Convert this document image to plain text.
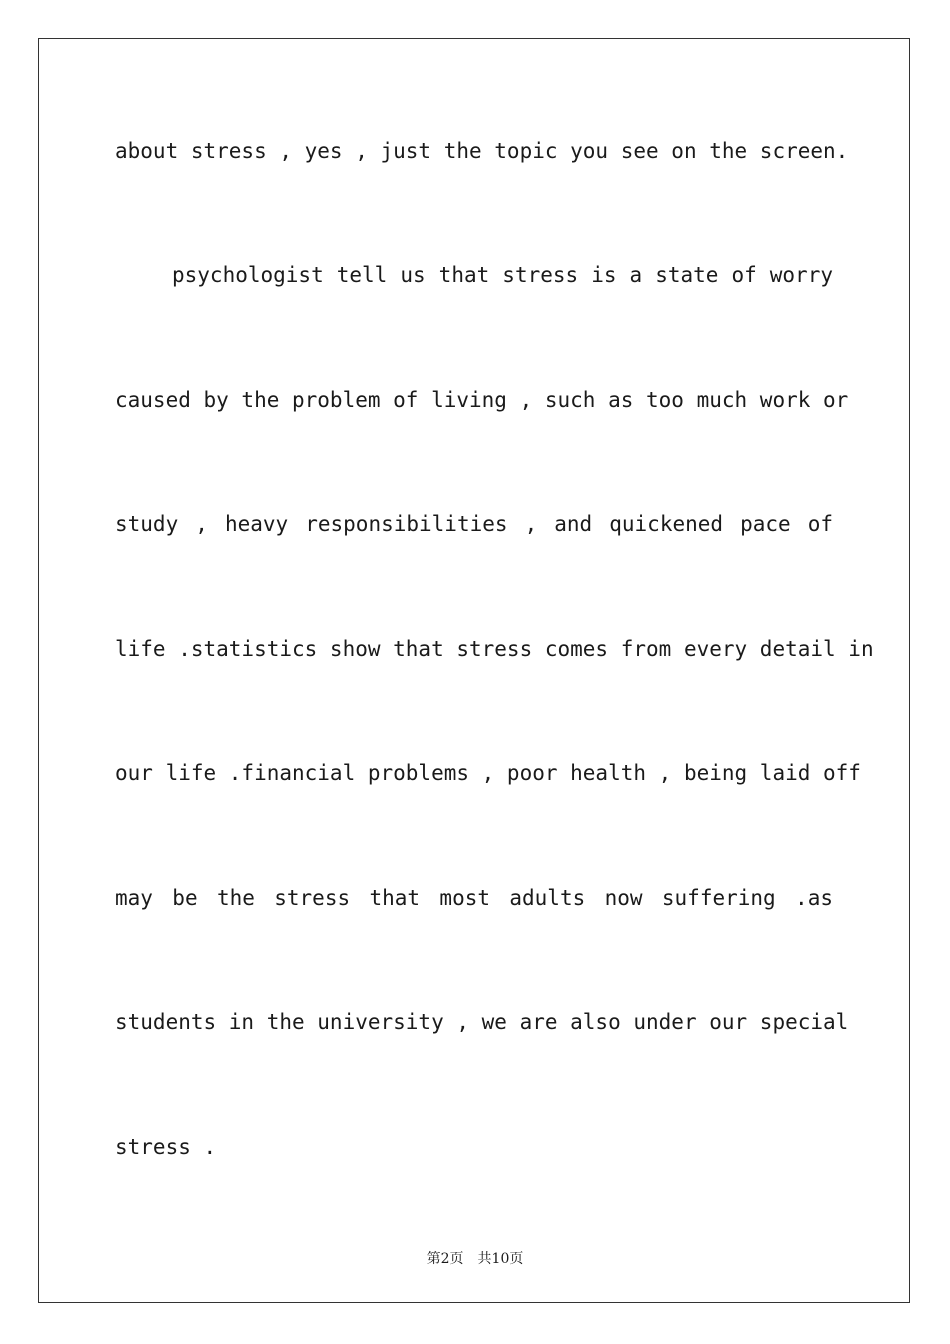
about stress , yes , just the topic you see on the screen.
psychologist tell us that stress is a state of worry
caused by the problem of living , such as too much work or
study , heavy responsibilities , and quickened pace of
life .statistics show that stress comes from every detail in
our life .financial problems , poor health , being laid off
may be the stress that most adults now suffering .as
students in the university , we are also under our special
stress .
第2页 共10页
